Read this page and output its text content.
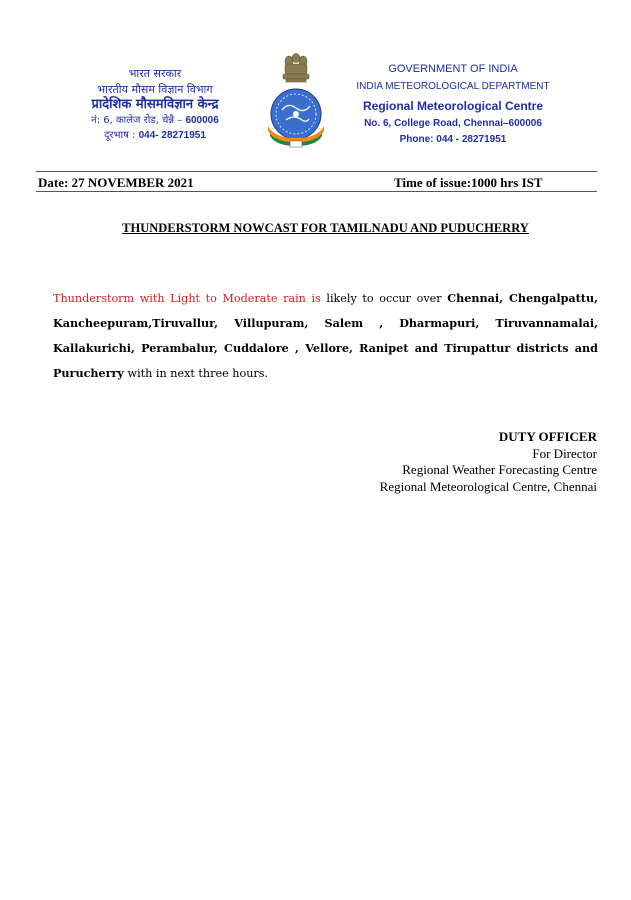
भारत सरकार
भारतीय मौसम विज्ञान विभाग
प्रादेशिक मौसमविज्ञान केन्द्र
नं: 6, कालेज रोड, चेन्नै – 600006
दूरभाष : 044- 28271951
GOVERNMENT OF INDIA
INDIA METEOROLOGICAL DEPARTMENT
Regional Meteorological Centre
No. 6, College Road, Chennai–600006
Phone: 044 - 28271951
Date: 27 NOVEMBER 2021	Time of issue:1000 hrs IST
THUNDERSTORM NOWCAST FOR TAMILNADU AND PUDUCHERRY
Thunderstorm with Light to Moderate rain is likely to occur over Chennai, Chengalpattu, Kancheepuram,Tiruvallur, Villupuram, Salem , Dharmapuri, Tiruvannamalai, Kallakurichi, Perambalur, Cuddalore , Vellore, Ranipet and Tirupattur districts and Purucherry with in next three hours.
DUTY OFFICER
For Director
Regional Weather Forecasting Centre
Regional Meteorological Centre, Chennai
